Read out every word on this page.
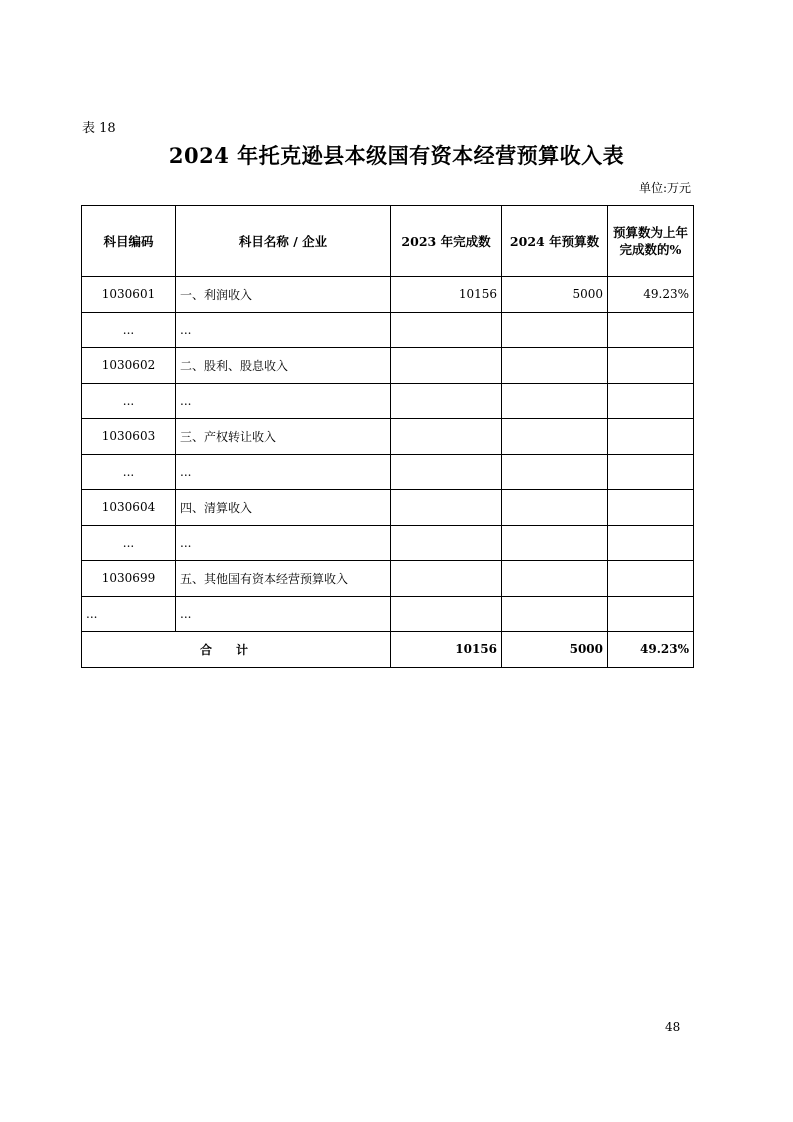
表 18
2024 年托克逊县本级国有资本经营预算收入表
单位:万元
科目编码	科目名称 / 企业	2023 年完成数	2024 年预算数	预算数为上年
完成数的%

1030601	一、利润收入	10156	5000	49.23%
...	...			
1030602	二、股利、股息收入			
...	...			
1030603	三、产权转让收入			
...	...			
1030604	四、清算收入			
...	...			
1030699	五、其他国有资本经营预算收入			
...	...			
合计		10156	5000	49.23%
48
